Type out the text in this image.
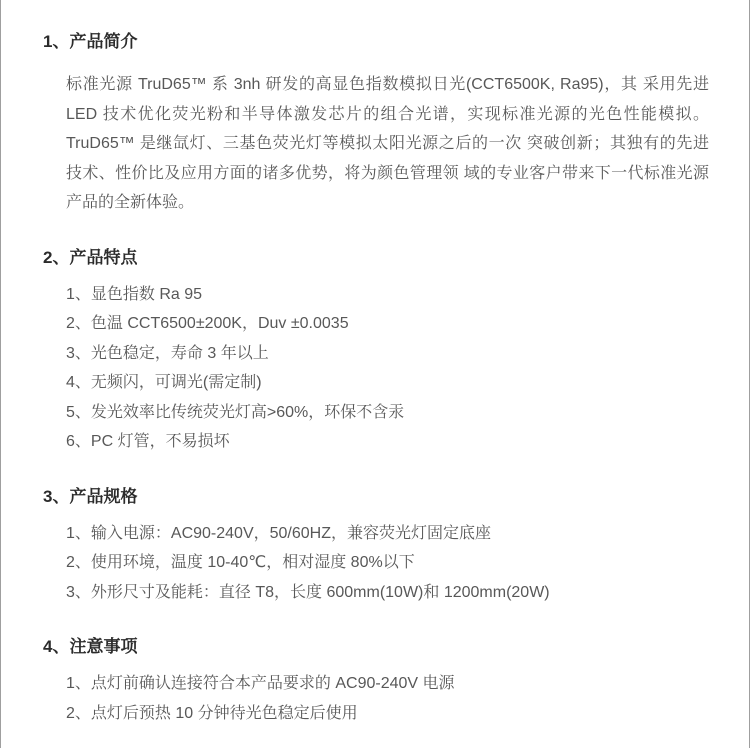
1、产品简介
标准光源 TruD65™ 系 3nh 研发的高显色指数模拟日光(CCT6500K, Ra95)，其 采用先进
LED 技术优化荧光粉和半导体激发芯片的组合光谱，实现标准光源的光色性能模拟。
TruD65™ 是继氙灯、三基色荧光灯等模拟太阳光源之后的一次 突破创新；其独有的先进
技术、性价比及应用方面的诸多优势，将为颜色管理领 域的专业客户带来下一代标准光源
产品的全新体验。
2、产品特点
1、显色指数 Ra 95
2、色温 CCT6500±200K，Duv ±0.0035
3、光色稳定，寿命 3 年以上
4、无频闪，可调光(需定制)
5、发光效率比传统荧光灯高>60%，环保不含汞
6、PC 灯管，不易损坏
3、产品规格
1、输入电源：AC90-240V，50/60HZ，兼容荧光灯固定底座
2、使用环境，温度 10-40℃，相对湿度 80%以下
3、外形尺寸及能耗：直径 T8，长度 600mm(10W)和 1200mm(20W)
4、注意事项
1、点灯前确认连接符合本产品要求的 AC90-240V 电源
2、点灯后预热 10 分钟待光色稳定后使用
